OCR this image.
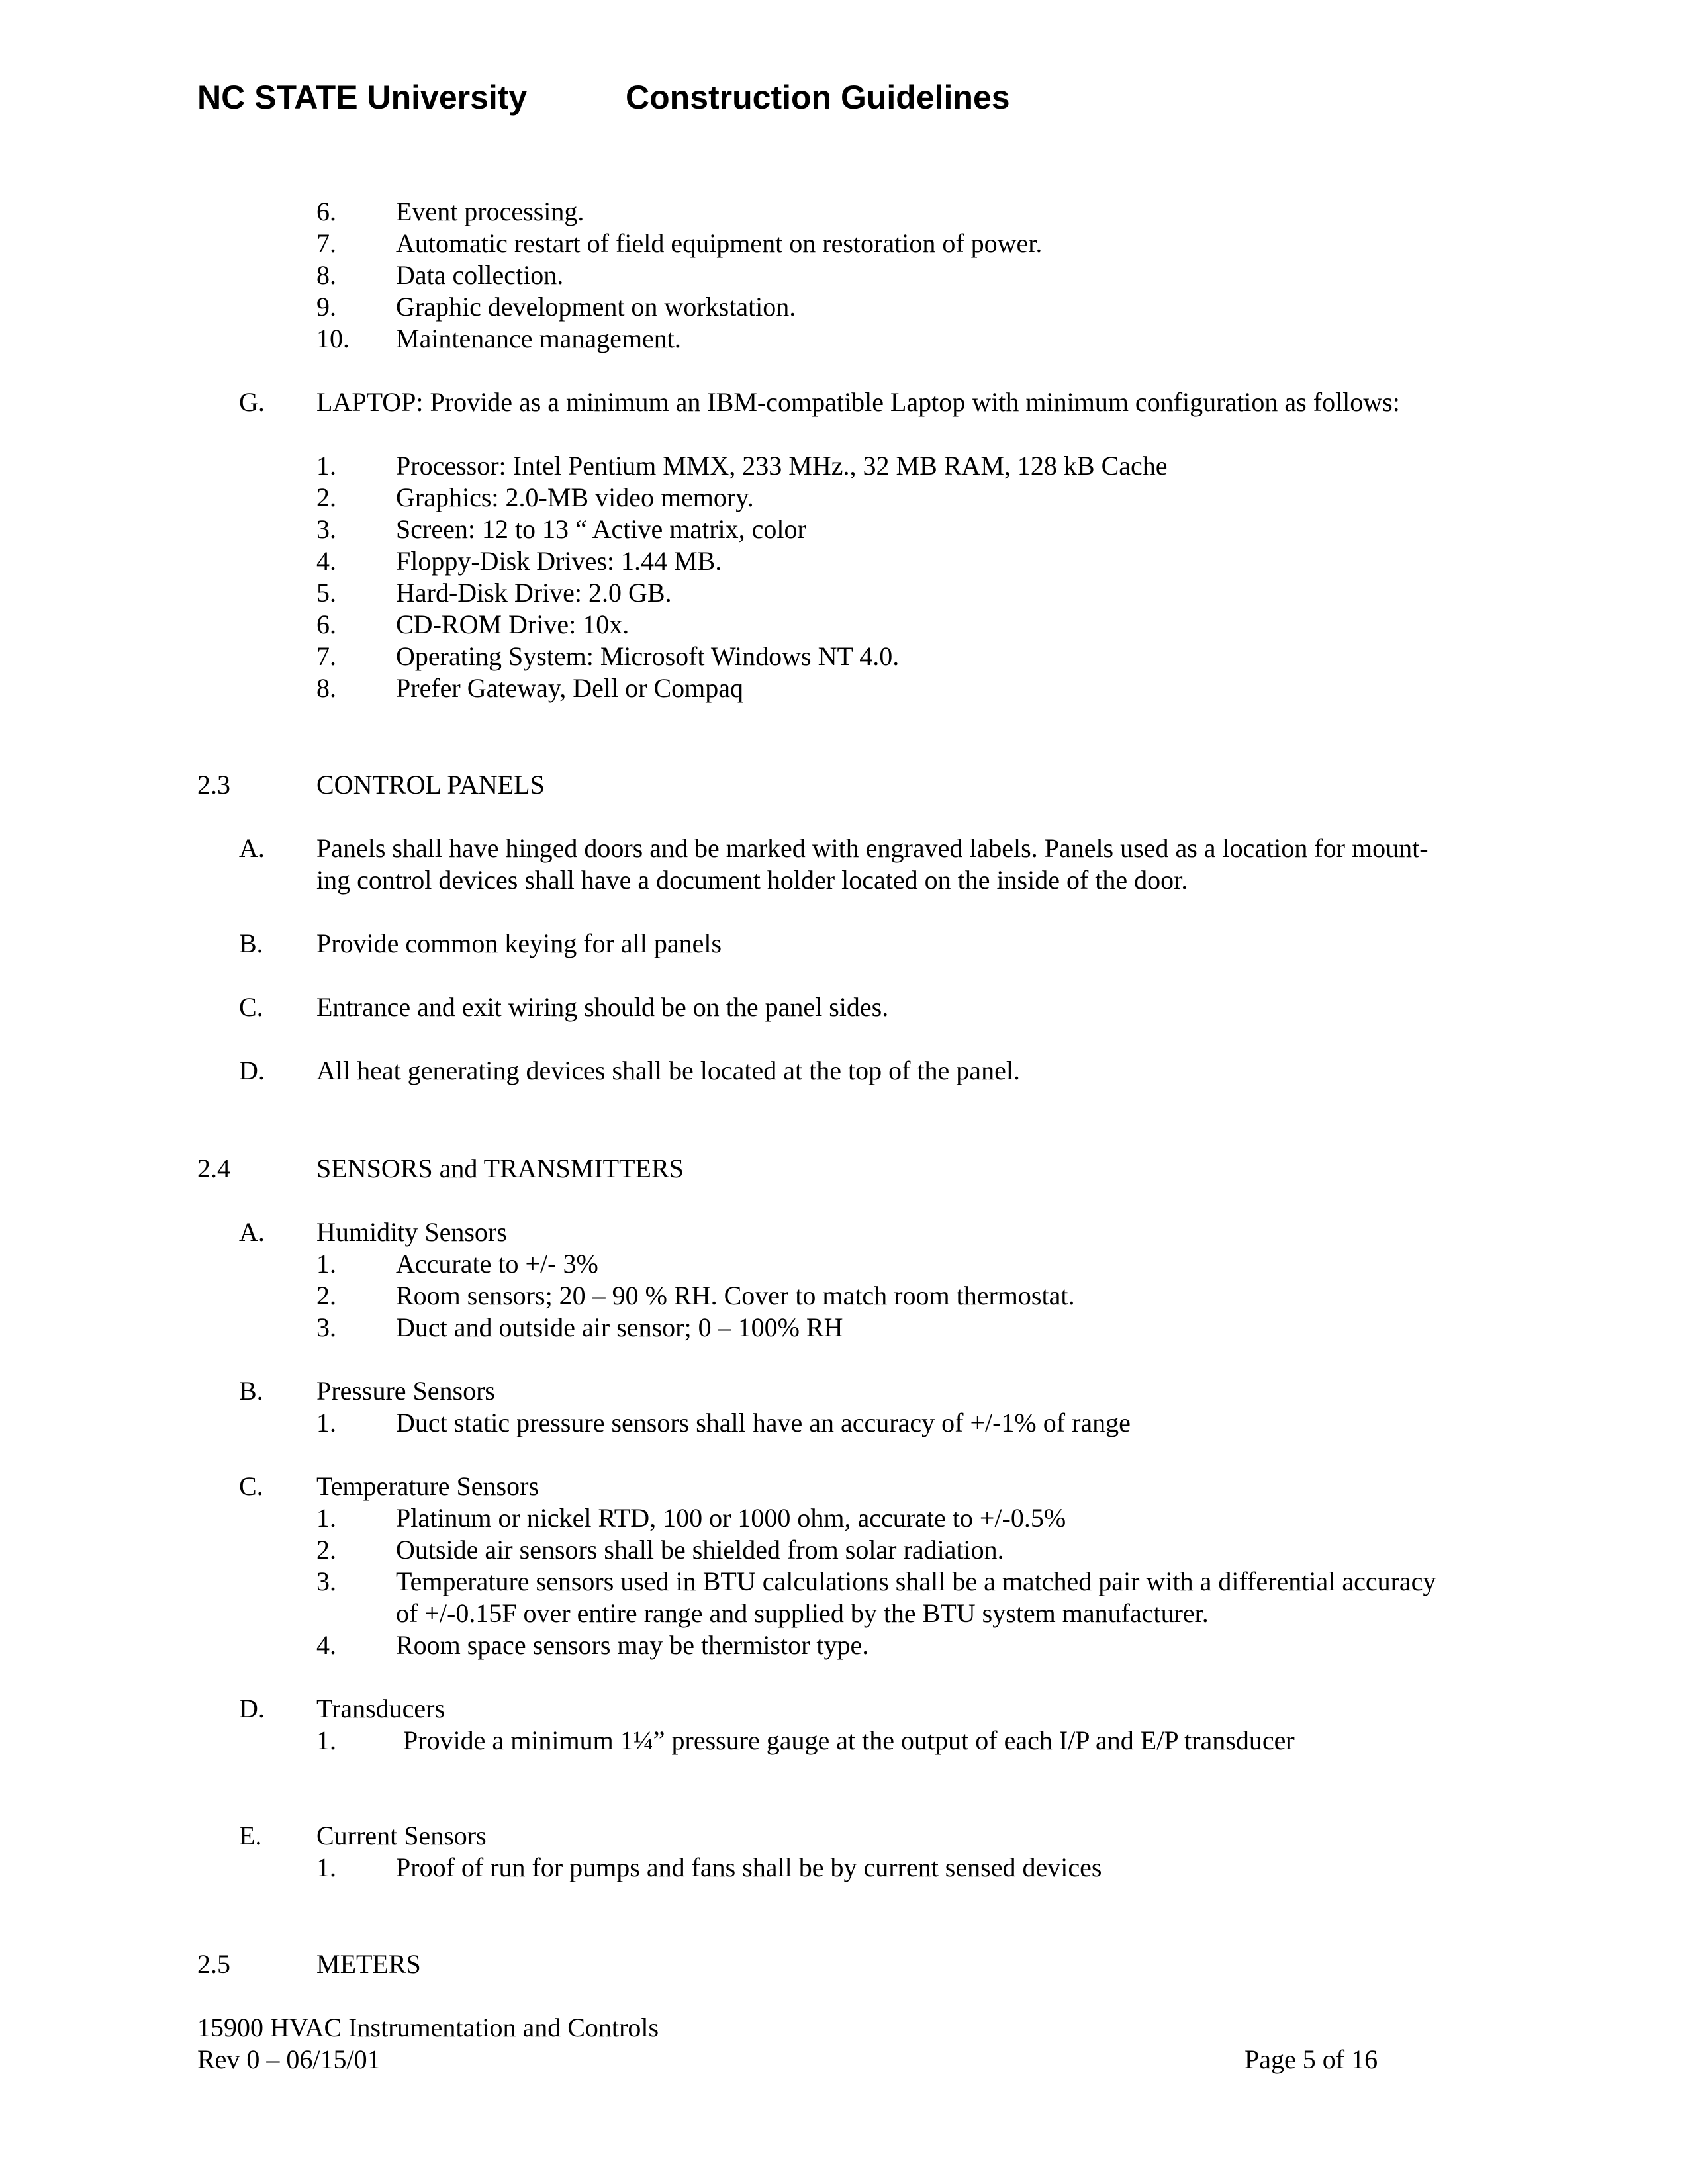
NC STATE University	Construction Guidelines
6. Event processing.
7. Automatic restart of field equipment on restoration of power.
8. Data collection.
9. Graphic development on workstation.
10. Maintenance management.
G. LAPTOP: Provide as a minimum an IBM-compatible Laptop with minimum configuration as follows:
1. Processor: Intel Pentium MMX, 233 MHz., 32 MB RAM, 128 kB Cache
2. Graphics: 2.0-MB video memory.
3. Screen: 12 to 13 “ Active matrix, color
4. Floppy-Disk Drives: 1.44 MB.
5. Hard-Disk Drive: 2.0 GB.
6. CD-ROM Drive: 10x.
7. Operating System: Microsoft Windows NT 4.0.
8. Prefer Gateway, Dell or Compaq
2.3	CONTROL PANELS
A. Panels shall have hinged doors and be marked with engraved labels. Panels used as a location for mount-
ing control devices shall have a document holder located on the inside of the door.
B. Provide common keying for all panels
C. Entrance and exit wiring should be on the panel sides.
D. All heat generating devices shall be located at the top of the panel.
2.4	SENSORS and TRANSMITTERS
A. Humidity Sensors
1. Accurate to +/- 3%
2. Room sensors; 20 – 90 % RH. Cover to match room thermostat.
3. Duct and outside air sensor; 0 – 100% RH
B. Pressure Sensors
1. Duct static pressure sensors shall have an accuracy of +/-1% of range
C. Temperature Sensors
1. Platinum or nickel RTD, 100 or 1000 ohm, accurate to +/-0.5%
2. Outside air sensors shall be shielded from solar radiation.
3. Temperature sensors used in BTU calculations shall be a matched pair with a differential accuracy
of +/-0.15F over entire range and supplied by the BTU system manufacturer.
4. Room space sensors may be thermistor type.
D. Transducers
1.	Provide a minimum 1¼” pressure gauge at the output of each I/P and E/P transducer
E. Current Sensors
1. Proof of run for pumps and fans shall be by current sensed devices
2.5	METERS
15900 HVAC Instrumentation and Controls
Rev 0 – 06/15/01	Page 5 of 16
